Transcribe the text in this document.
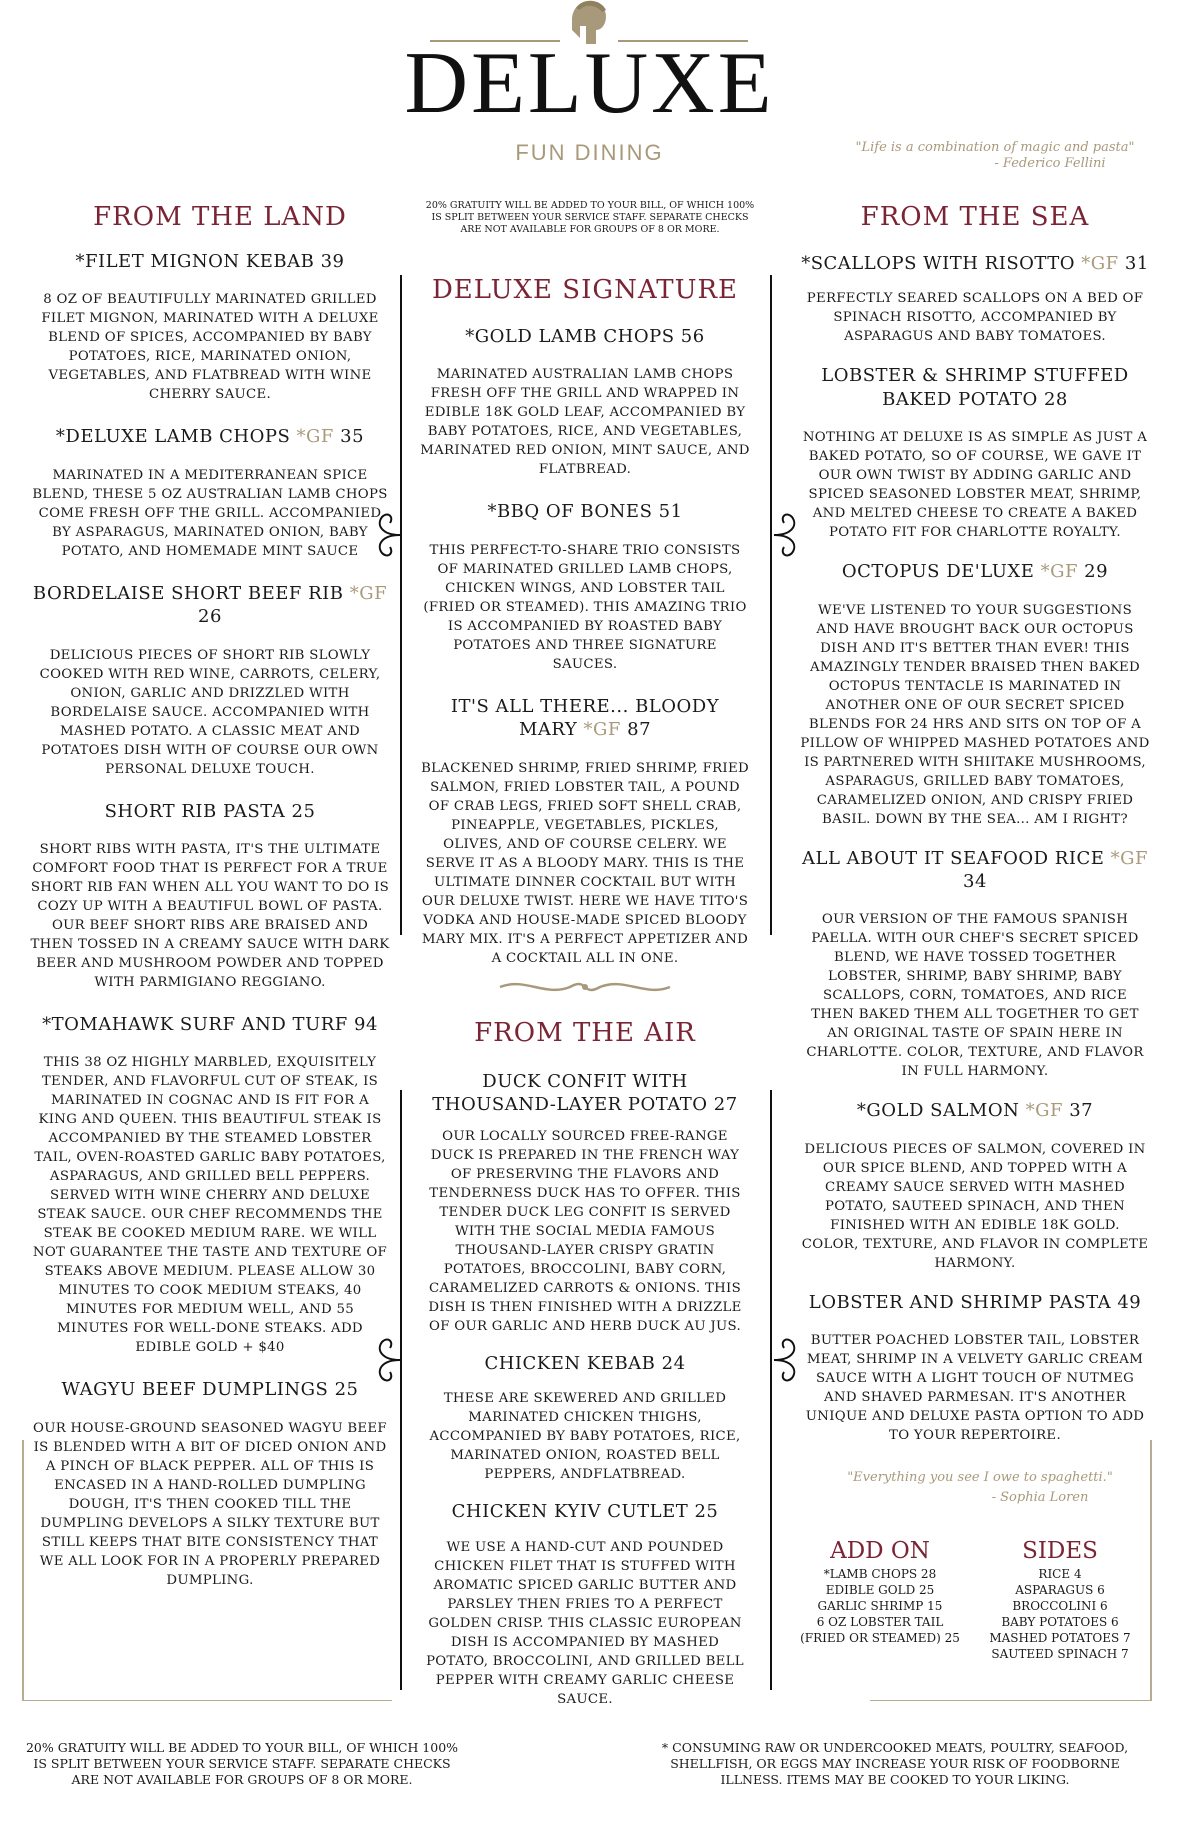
DELUXE
FUN DINING	"Life is a combination of magic and pasta"
- Federico Fellini
20% GRATUITY WILL BE ADDED TO YOUR BILL, OF WHICH 100% IS SPLIT BETWEEN YOUR SERVICE STAFF. SEPARATE CHECKS ARE NOT AVAILABLE FOR GROUPS OF 8 OR MORE.
FROM THE LAND	FROM THE SEA
DELUXE SIGNATURE
FROM THE AIR

*FILET MIGNON KEBAB 39

8 OZ OF BEAUTIFULLY MARINATED GRILLED FILET MIGNON, MARINATED WITH A DELUXE BLEND OF SPICES, ACCOMPANIED BY BABY POTATOES, RICE, MARINATED ONION, VEGETABLES, AND FLATBREAD WITH WINE CHERRY SAUCE.

*DELUXE LAMB CHOPS *GF 35

MARINATED IN A MEDITERRANEAN SPICE BLEND, THESE 5 OZ AUSTRALIAN LAMB CHOPS COME FRESH OFF THE GRILL. ACCOMPANIED BY ASPARAGUS, MARINATED ONION, BABY POTATO, AND HOMEMADE MINT SAUCE

BORDELAISE SHORT BEEF RIB *GF 26

DELICIOUS PIECES OF SHORT RIB SLOWLY COOKED WITH RED WINE, CARROTS, CELERY, ONION, GARLIC AND DRIZZLED WITH BORDELAISE SAUCE. ACCOMPANIED WITH MASHED POTATO. A CLASSIC MEAT AND POTATOES DISH WITH OF COURSE OUR OWN PERSONAL DELUXE TOUCH.

SHORT RIB PASTA 25

SHORT RIBS WITH PASTA, IT'S THE ULTIMATE COMFORT FOOD THAT IS PERFECT FOR A TRUE SHORT RIB FAN WHEN ALL YOU WANT TO DO IS COZY UP WITH A BEAUTIFUL BOWL OF PASTA. OUR BEEF SHORT RIBS ARE BRAISED AND THEN TOSSED IN A CREAMY SAUCE WITH DARK BEER AND MUSHROOM POWDER AND TOPPED WITH PARMIGIANO REGGIANO.

*TOMAHAWK SURF AND TURF 94

THIS 38 OZ HIGHLY MARBLED, EXQUISITELY TENDER, AND FLAVORFUL CUT OF STEAK, IS MARINATED IN COGNAC AND IS FIT FOR A KING AND QUEEN. THIS BEAUTIFUL STEAK IS ACCOMPANIED BY THE STEAMED LOBSTER TAIL, OVEN-ROASTED GARLIC BABY POTATOES, ASPARAGUS, AND GRILLED BELL PEPPERS. SERVED WITH WINE CHERRY AND DELUXE STEAK SAUCE. OUR CHEF RECOMMENDS THE STEAK BE COOKED MEDIUM RARE. WE WILL NOT GUARANTEE THE TASTE AND TEXTURE OF STEAKS ABOVE MEDIUM. PLEASE ALLOW 30 MINUTES TO COOK MEDIUM STEAKS, 40 MINUTES FOR MEDIUM WELL, AND 55 MINUTES FOR WELL-DONE STEAKS. ADD EDIBLE GOLD + $40

WAGYU BEEF DUMPLINGS 25

OUR HOUSE-GROUND SEASONED WAGYU BEEF IS BLENDED WITH A BIT OF DICED ONION AND A PINCH OF BLACK PEPPER. ALL OF THIS IS ENCASED IN A HAND-ROLLED DUMPLING DOUGH, IT'S THEN COOKED TILL THE DUMPLING DEVELOPS A SILKY TEXTURE BUT STILL KEEPS THAT BITE CONSISTENCY THAT WE ALL LOOK FOR IN A PROPERLY PREPARED DUMPLING.

*GOLD LAMB CHOPS 56

MARINATED AUSTRALIAN LAMB CHOPS FRESH OFF THE GRILL AND WRAPPED IN EDIBLE 18K GOLD LEAF, ACCOMPANIED BY BABY POTATOES, RICE, AND VEGETABLES, MARINATED RED ONION, MINT SAUCE, AND FLATBREAD.

*BBQ OF BONES 51

THIS PERFECT-TO-SHARE TRIO CONSISTS OF MARINATED GRILLED LAMB CHOPS, CHICKEN WINGS, AND LOBSTER TAIL (FRIED OR STEAMED). THIS AMAZING TRIO IS ACCOMPANIED BY ROASTED BABY POTATOES AND THREE SIGNATURE SAUCES.

IT'S ALL THERE... BLOODY MARY *GF 87

BLACKENED SHRIMP, FRIED SHRIMP, FRIED SALMON, FRIED LOBSTER TAIL, A POUND OF CRAB LEGS, FRIED SOFT SHELL CRAB, PINEAPPLE, VEGETABLES, PICKLES, OLIVES, AND OF COURSE CELERY. WE SERVE IT AS A BLOODY MARY. THIS IS THE ULTIMATE DINNER COCKTAIL BUT WITH OUR DELUXE TWIST. HERE WE HAVE TITO'S VODKA AND HOUSE-MADE SPICED BLOODY MARY MIX. IT'S A PERFECT APPETIZER AND A COCKTAIL ALL IN ONE.

DUCK CONFIT WITH THOUSAND-LAYER POTATO 27

OUR LOCALLY SOURCED FREE-RANGE DUCK IS PREPARED IN THE FRENCH WAY OF PRESERVING THE FLAVORS AND TENDERNESS DUCK HAS TO OFFER. THIS TENDER DUCK LEG CONFIT IS SERVED WITH THE SOCIAL MEDIA FAMOUS THOUSAND-LAYER CRISPY GRATIN POTATOES, BROCCOLINI, BABY CORN, CARAMELIZED CARROTS & ONIONS. THIS DISH IS THEN FINISHED WITH A DRIZZLE OF OUR GARLIC AND HERB DUCK AU JUS.

CHICKEN KEBAB 24

THESE ARE SKEWERED AND GRILLED MARINATED CHICKEN THIGHS, ACCOMPANIED BY BABY POTATOES, RICE, MARINATED ONION, ROASTED BELL PEPPERS, ANDFLATBREAD.

CHICKEN KYIV CUTLET 25

WE USE A HAND-CUT AND POUNDED CHICKEN FILET THAT IS STUFFED WITH AROMATIC SPICED GARLIC BUTTER AND PARSLEY THEN FRIES TO A PERFECT GOLDEN CRISP. THIS CLASSIC EUROPEAN DISH IS ACCOMPANIED BY MASHED POTATO, BROCCOLINI, AND GRILLED BELL PEPPER WITH CREAMY GARLIC CHEESE SAUCE.

*SCALLOPS WITH RISOTTO *GF 31

PERFECTLY SEARED SCALLOPS ON A BED OF SPINACH RISOTTO, ACCOMPANIED BY ASPARAGUS AND BABY TOMATOES.

LOBSTER & SHRIMP STUFFED BAKED POTATO 28

NOTHING AT DELUXE IS AS SIMPLE AS JUST A BAKED POTATO, SO OF COURSE, WE GAVE IT OUR OWN TWIST BY ADDING GARLIC AND SPICED SEASONED LOBSTER MEAT, SHRIMP, AND MELTED CHEESE TO CREATE A BAKED POTATO FIT FOR CHARLOTTE ROYALTY.

OCTOPUS DE'LUXE *GF 29

WE'VE LISTENED TO YOUR SUGGESTIONS AND HAVE BROUGHT BACK OUR OCTOPUS DISH AND IT'S BETTER THAN EVER! THIS AMAZINGLY TENDER BRAISED THEN BAKED OCTOPUS TENTACLE IS MARINATED IN ANOTHER ONE OF OUR SECRET SPICED BLENDS FOR 24 HRS AND SITS ON TOP OF A PILLOW OF WHIPPED MASHED POTATOES AND IS PARTNERED WITH SHIITAKE MUSHROOMS, ASPARAGUS, GRILLED BABY TOMATOES, CARAMELIZED ONION, AND CRISPY FRIED BASIL. DOWN BY THE SEA... AM I RIGHT?

ALL ABOUT IT SEAFOOD RICE *GF 34

OUR VERSION OF THE FAMOUS SPANISH PAELLA. WITH OUR CHEF'S SECRET SPICED BLEND, WE HAVE TOSSED TOGETHER LOBSTER, SHRIMP, BABY SHRIMP, BABY SCALLOPS, CORN, TOMATOES, AND RICE THEN BAKED THEM ALL TOGETHER TO GET AN ORIGINAL TASTE OF SPAIN HERE IN CHARLOTTE. COLOR, TEXTURE, AND FLAVOR IN FULL HARMONY.

*GOLD SALMON *GF 37

DELICIOUS PIECES OF SALMON, COVERED IN OUR SPICE BLEND, AND TOPPED WITH A CREAMY SAUCE SERVED WITH MASHED POTATO, SAUTEED SPINACH, AND THEN FINISHED WITH AN EDIBLE 18K GOLD. COLOR, TEXTURE, AND FLAVOR IN COMPLETE HARMONY.

LOBSTER AND SHRIMP PASTA 49

BUTTER POACHED LOBSTER TAIL, LOBSTER MEAT, SHRIMP IN A VELVETY GARLIC CREAM SAUCE WITH A LIGHT TOUCH OF NUTMEG AND SHAVED PARMESAN. IT'S ANOTHER UNIQUE AND DELUXE PASTA OPTION TO ADD TO YOUR REPERTOIRE.

"Everything you see I owe to spaghetti."
- Sophia Loren
ADD ON
*LAMB CHOPS 28
EDIBLE GOLD 25
GARLIC SHRIMP 15
6 OZ LOBSTER TAIL
(FRIED OR STEAMED) 25
SIDES
RICE 4
ASPARAGUS 6
BROCCOLINI 6
BABY POTATOES 6
MASHED POTATOES 7
SAUTEED SPINACH 7
20% GRATUITY WILL BE ADDED TO YOUR BILL, OF WHICH 100% IS SPLIT BETWEEN YOUR SERVICE STAFF. SEPARATE CHECKS ARE NOT AVAILABLE FOR GROUPS OF 8 OR MORE.
* CONSUMING RAW OR UNDERCOOKED MEATS, POULTRY, SEAFOOD, SHELLFISH, OR EGGS MAY INCREASE YOUR RISK OF FOODBORNE ILLNESS. ITEMS MAY BE COOKED TO YOUR LIKING.
